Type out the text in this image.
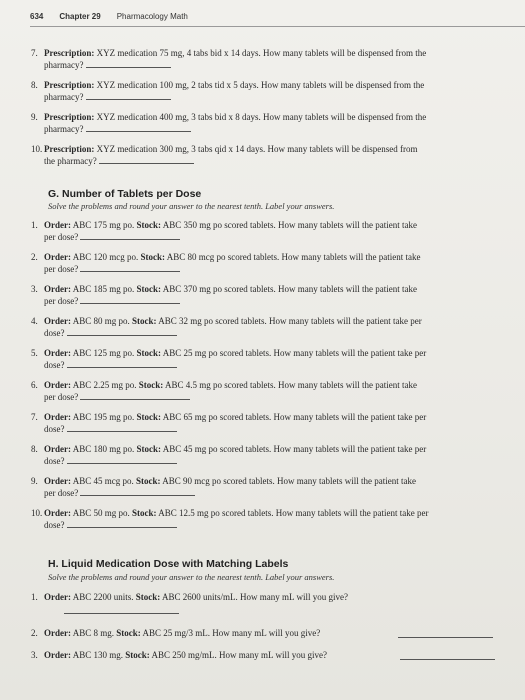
634 Chapter 29 Pharmacology Math
7. Prescription: XYZ medication 75 mg, 4 tabs bid x 14 days. How many tablets will be dispensed from the
pharmacy?
8. Prescription: XYZ medication 100 mg, 2 tabs tid x 5 days. How many tablets will be dispensed from the
pharmacy?
9. Prescription: XYZ medication 400 mg, 3 tabs bid x 8 days. How many tablets will be dispensed from the
pharmacy?
10. Prescription: XYZ medication 300 mg, 3 tabs qid x 14 days. How many tablets will be dispensed from
the pharmacy?
G. Number of Tablets per Dose
Solve the problems and round your answer to the nearest tenth. Label your answers.
1. Order: ABC 175 mg po. Stock: ABC 350 mg po scored tablets. How many tablets will the patient take
per dose?
2. Order: ABC 120 mcg po. Stock: ABC 80 mcg po scored tablets. How many tablets will the patient take
per dose?
3. Order: ABC 185 mg po. Stock: ABC 370 mg po scored tablets. How many tablets will the patient take
per dose?
4. Order: ABC 80 mg po. Stock: ABC 32 mg po scored tablets. How many tablets will the patient take per
dose?
5. Order: ABC 125 mg po. Stock: ABC 25 mg po scored tablets. How many tablets will the patient take per
dose?
6. Order: ABC 2.25 mg po. Stock: ABC 4.5 mg po scored tablets. How many tablets will the patient take
per dose?
7. Order: ABC 195 mg po. Stock: ABC 65 mg po scored tablets. How many tablets will the patient take per
dose?
8. Order: ABC 180 mg po. Stock: ABC 45 mg po scored tablets. How many tablets will the patient take per
dose?
9. Order: ABC 45 mcg po. Stock: ABC 90 mcg po scored tablets. How many tablets will the patient take
per dose?
10. Order: ABC 50 mg po. Stock: ABC 12.5 mg po scored tablets. How many tablets will the patient take per
dose?
H. Liquid Medication Dose with Matching Labels
Solve the problems and round your answer to the nearest tenth. Label your answers.
1. Order: ABC 2200 units. Stock: ABC 2600 units/mL. How many mL will you give?
2. Order: ABC 8 mg. Stock: ABC 25 mg/3 mL. How many mL will you give?
3. Order: ABC 130 mg. Stock: ABC 250 mg/mL. How many mL will you give?
